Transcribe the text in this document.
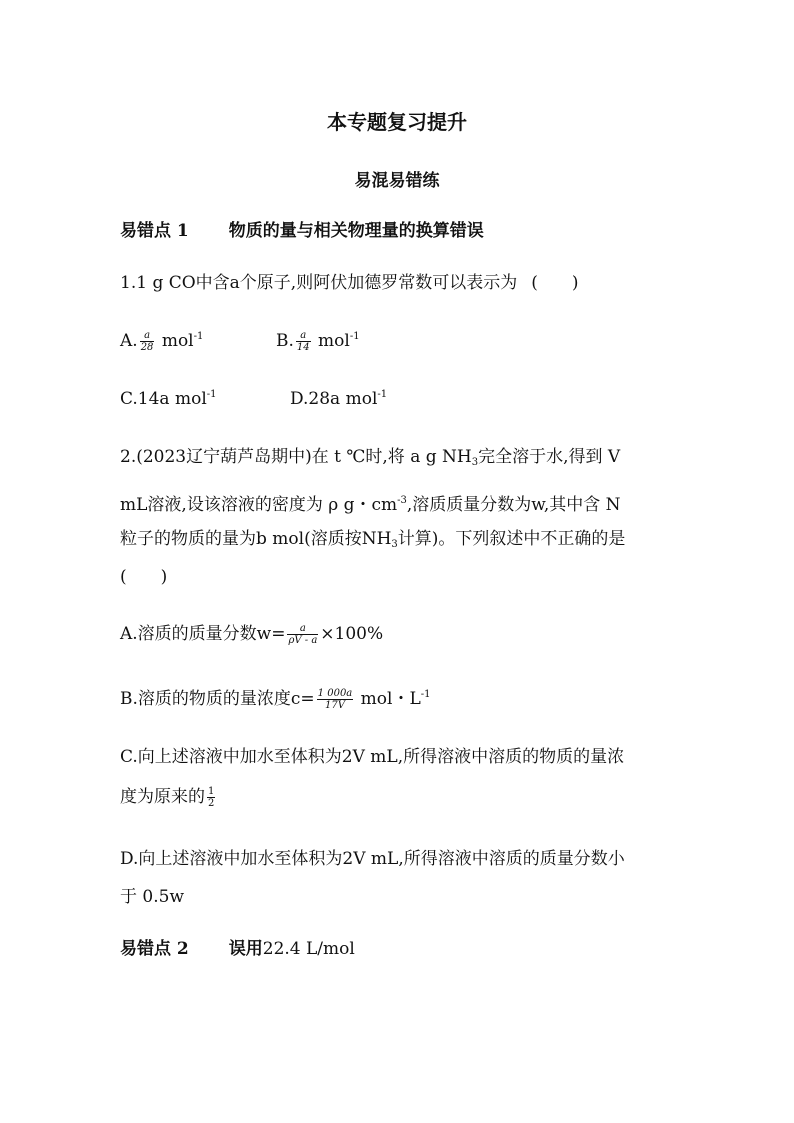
本专题复习提升
易混易错练
易错点 1 物质的量与相关物理量的换算错误
1.1 g CO中含a个原子,则阿伏加德罗常数可以表示为 (　　)
A. $\frac{a}{28} mol^{-1}$	B. $\frac{a}{14} mol^{-1}$
C.14a mol$^{-1}$	D.28a mol$^{-1}$
2.(2023辽宁葫芦岛期中)在 t ℃时,将 a g $NH_3$完全溶于水,得到 V
mL溶液,设该溶液的密度为 ρ g・$cm^{-3}$,溶质质量分数为w,其中含 N
粒子的物质的量为b mol(溶质按$NH_3$计算)。下列叙述中不正确的是
(　　)
A.溶质的质量分数$w= \frac{a}{\rho V - a} \times 100\%$
B.溶质的物质的量浓度$c= \frac{1 000a}{17V}$ mol・$L^{-1}$
C.向上述溶液中加水至体积为2V mL,所得溶液中溶质的物质的量浓
度为原来的 $\frac{1}{2}$
D.向上述溶液中加水至体积为2V mL,所得溶液中溶质的质量分数小
于 0.5w
易错点 2 误用22.4 L/mol
